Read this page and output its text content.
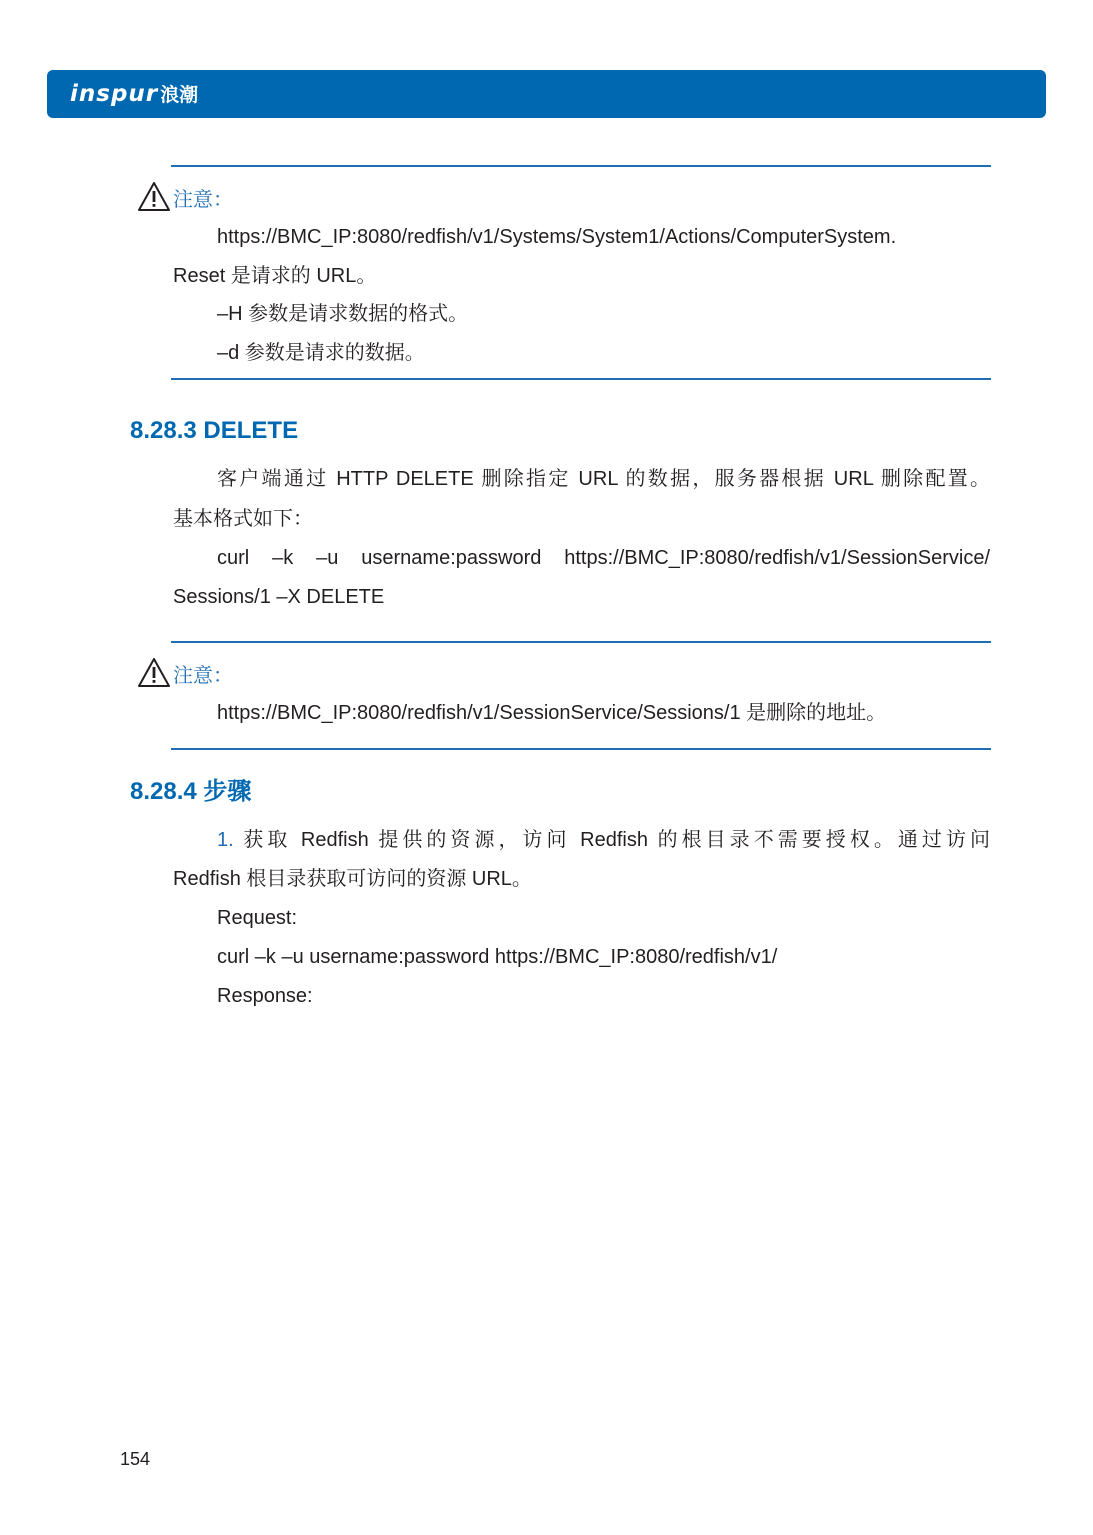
inspur 浪潮
注意：
https://BMC_IP:8080/redfish/v1/Systems/System1/Actions/ComputerSystem.
Reset 是请求的 URL。
–H 参数是请求数据的格式。
–d 参数是请求的数据。
8.28.3 DELETE
客户端通过 HTTP DELETE 删除指定 URL 的数据，服务器根据 URL 删除配置。
基本格式如下：
curl –k –u username:password https://BMC_IP:8080/redfish/v1/SessionService/
Sessions/1 –X DELETE
注意：
https://BMC_IP:8080/redfish/v1/SessionService/Sessions/1 是删除的地址。
8.28.4 步骤
1. 获取 Redfish 提供的资源，访问 Redfish 的根目录不需要授权。通过访问
Redfish 根目录获取可访问的资源 URL。
Request:
curl –k –u username:password https://BMC_IP:8080/redfish/v1/
Response:
154
